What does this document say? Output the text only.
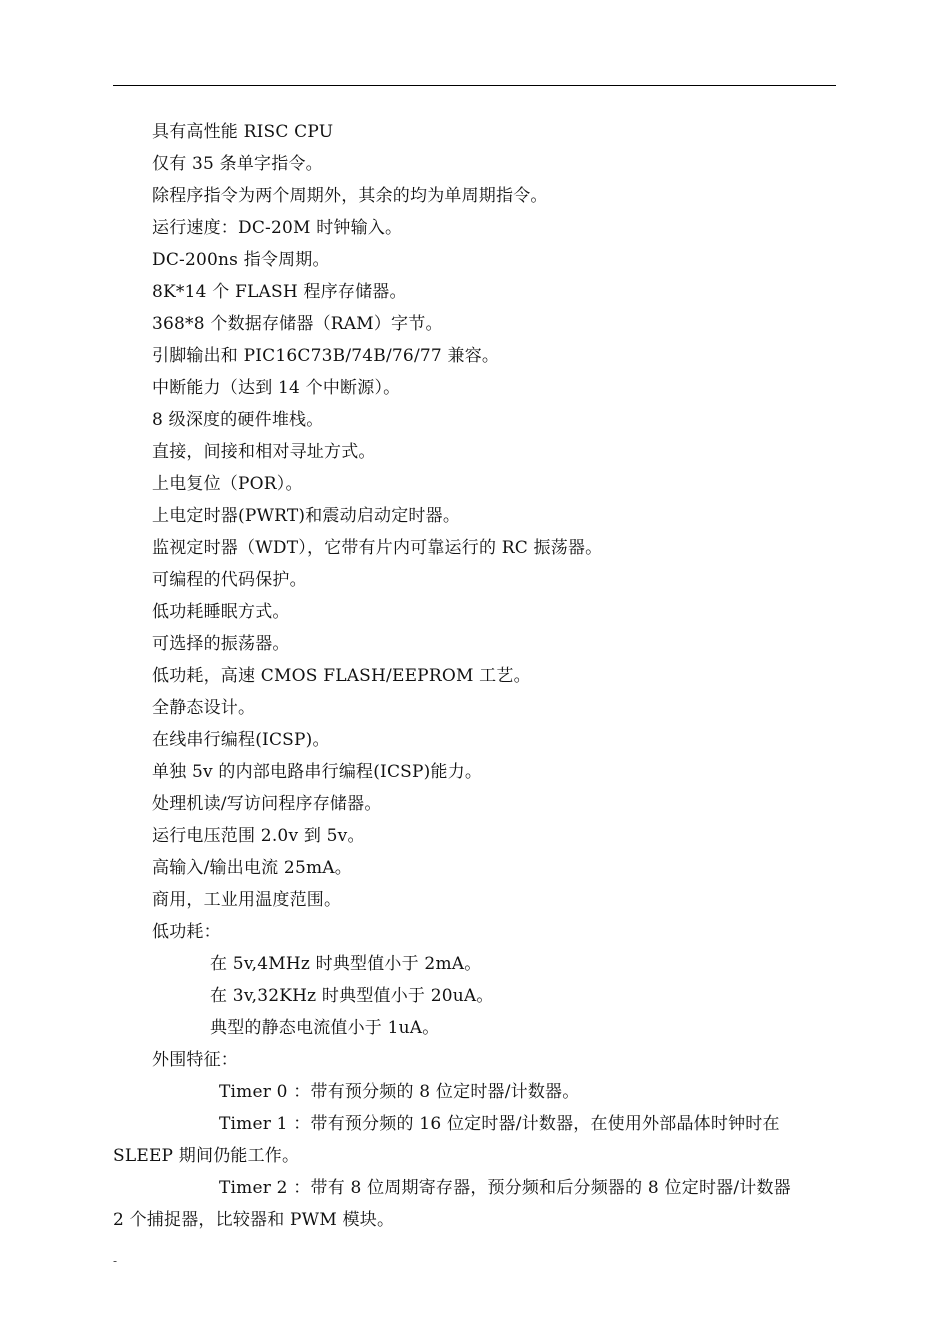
具有高性能 RISC CPU
仅有 35 条单字指令。
除程序指令为两个周期外，其余的均为单周期指令。
运行速度：DC-20M 时钟输入。
DC-200ns 指令周期。
8K*14 个 FLASH 程序存储器。
368*8 个数据存储器（RAM）字节。
引脚输出和 PIC16C73B/74B/76/77 兼容。
中断能力（达到 14 个中断源）。
8 级深度的硬件堆栈。
直接，间接和相对寻址方式。
上电复位（POR）。
上电定时器(PWRT)和震动启动定时器。
监视定时器（WDT），它带有片内可靠运行的 RC 振荡器。
可编程的代码保护。
低功耗睡眠方式。
可选择的振荡器。
低功耗，高速 CMOS FLASH/EEPROM 工艺。
全静态设计。
在线串行编程(ICSP)。
单独 5v 的内部电路串行编程(ICSP)能力。
处理机读/写访问程序存储器。
运行电压范围 2.0v 到 5v。
高输入/输出电流 25mA。
商用，工业用温度范围。
低功耗：
在 5v,4MHz 时典型值小于 2mA。
在 3v,32KHz 时典型值小于 20uA。
典型的静态电流值小于 1uA。
外围特征：
Timer 0 ：带有预分频的 8 位定时器/计数器。
Timer 1 ：带有预分频的 16 位定时器/计数器，在使用外部晶体时钟时在
SLEEP 期间仍能工作。
Timer 2 ：带有 8 位周期寄存器，预分频和后分频器的 8 位定时器/计数器
2 个捕捉器，比较器和 PWM 模块。
-
